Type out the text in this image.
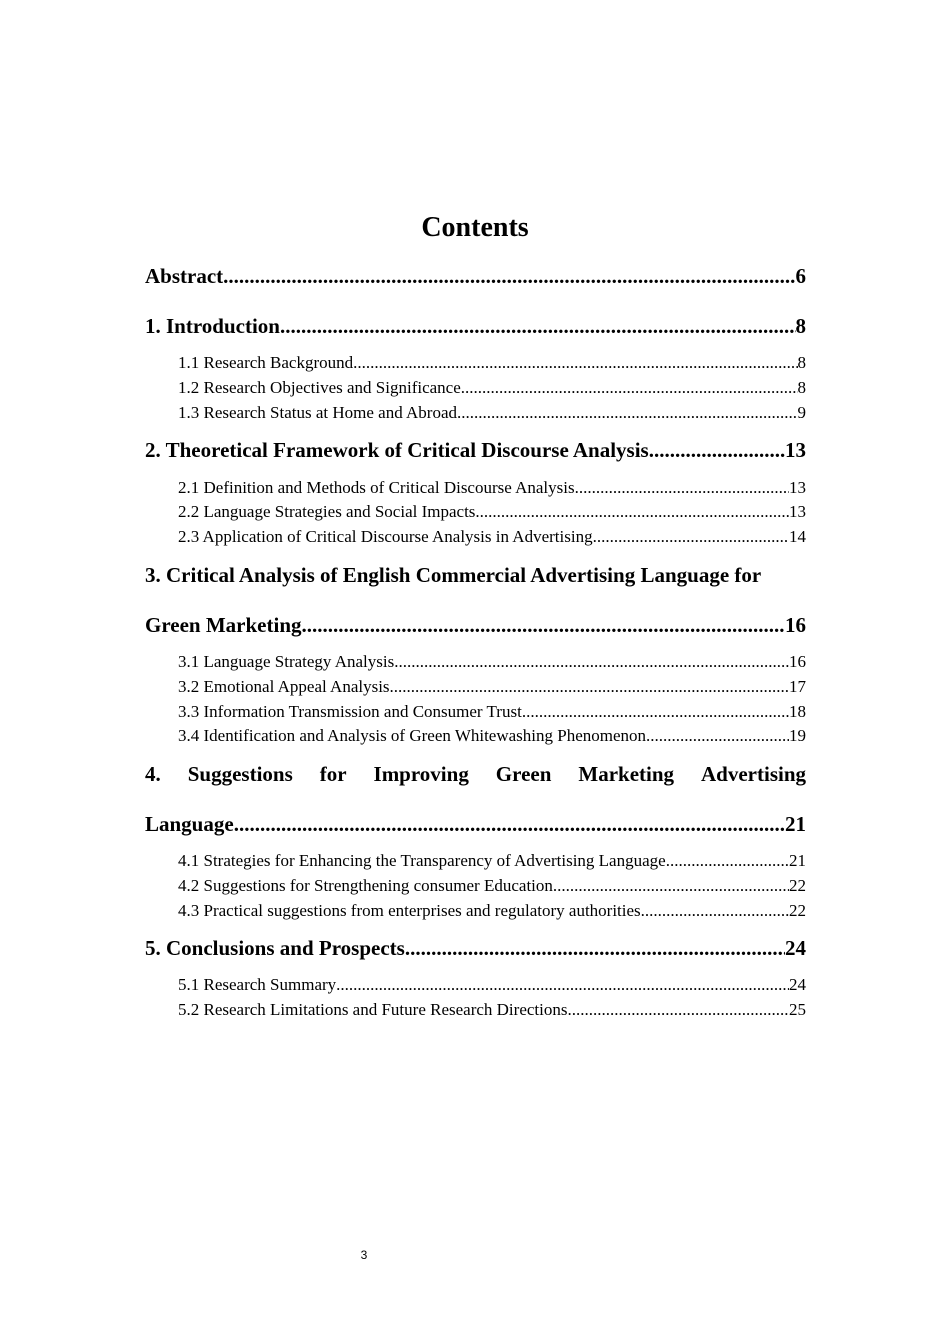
Contents
Abstract .....	6
1. Introduction .....	8
1.1 Research Background .....	8
1.2 Research Objectives and Significance .....	8
1.3 Research Status at Home and Abroad .....	9
2. Theoretical Framework of Critical Discourse Analysis .....	13
2.1 Definition and Methods of Critical Discourse Analysis .....	13
2.2 Language Strategies and Social Impacts .....	13
2.3 Application of Critical Discourse Analysis in Advertising .....	14
3. Critical Analysis of English Commercial Advertising Language for
Green Marketing .....	16
3.1 Language Strategy Analysis .....	16
3.2 Emotional Appeal Analysis .....	17
3.3 Information Transmission and Consumer Trust .....	18
3.4 Identification and Analysis of Green Whitewashing Phenomenon .....	19
4. Suggestions for Improving Green Marketing Advertising
Language .....	21
4.1 Strategies for Enhancing the Transparency of Advertising Language .....	21
4.2 Suggestions for Strengthening consumer Education .....	22
4.3 Practical suggestions from enterprises and regulatory authorities .....	22
5. Conclusions and Prospects .....	24
5.1 Research Summary .....	24
5.2 Research Limitations and Future Research Directions .....	25
3
